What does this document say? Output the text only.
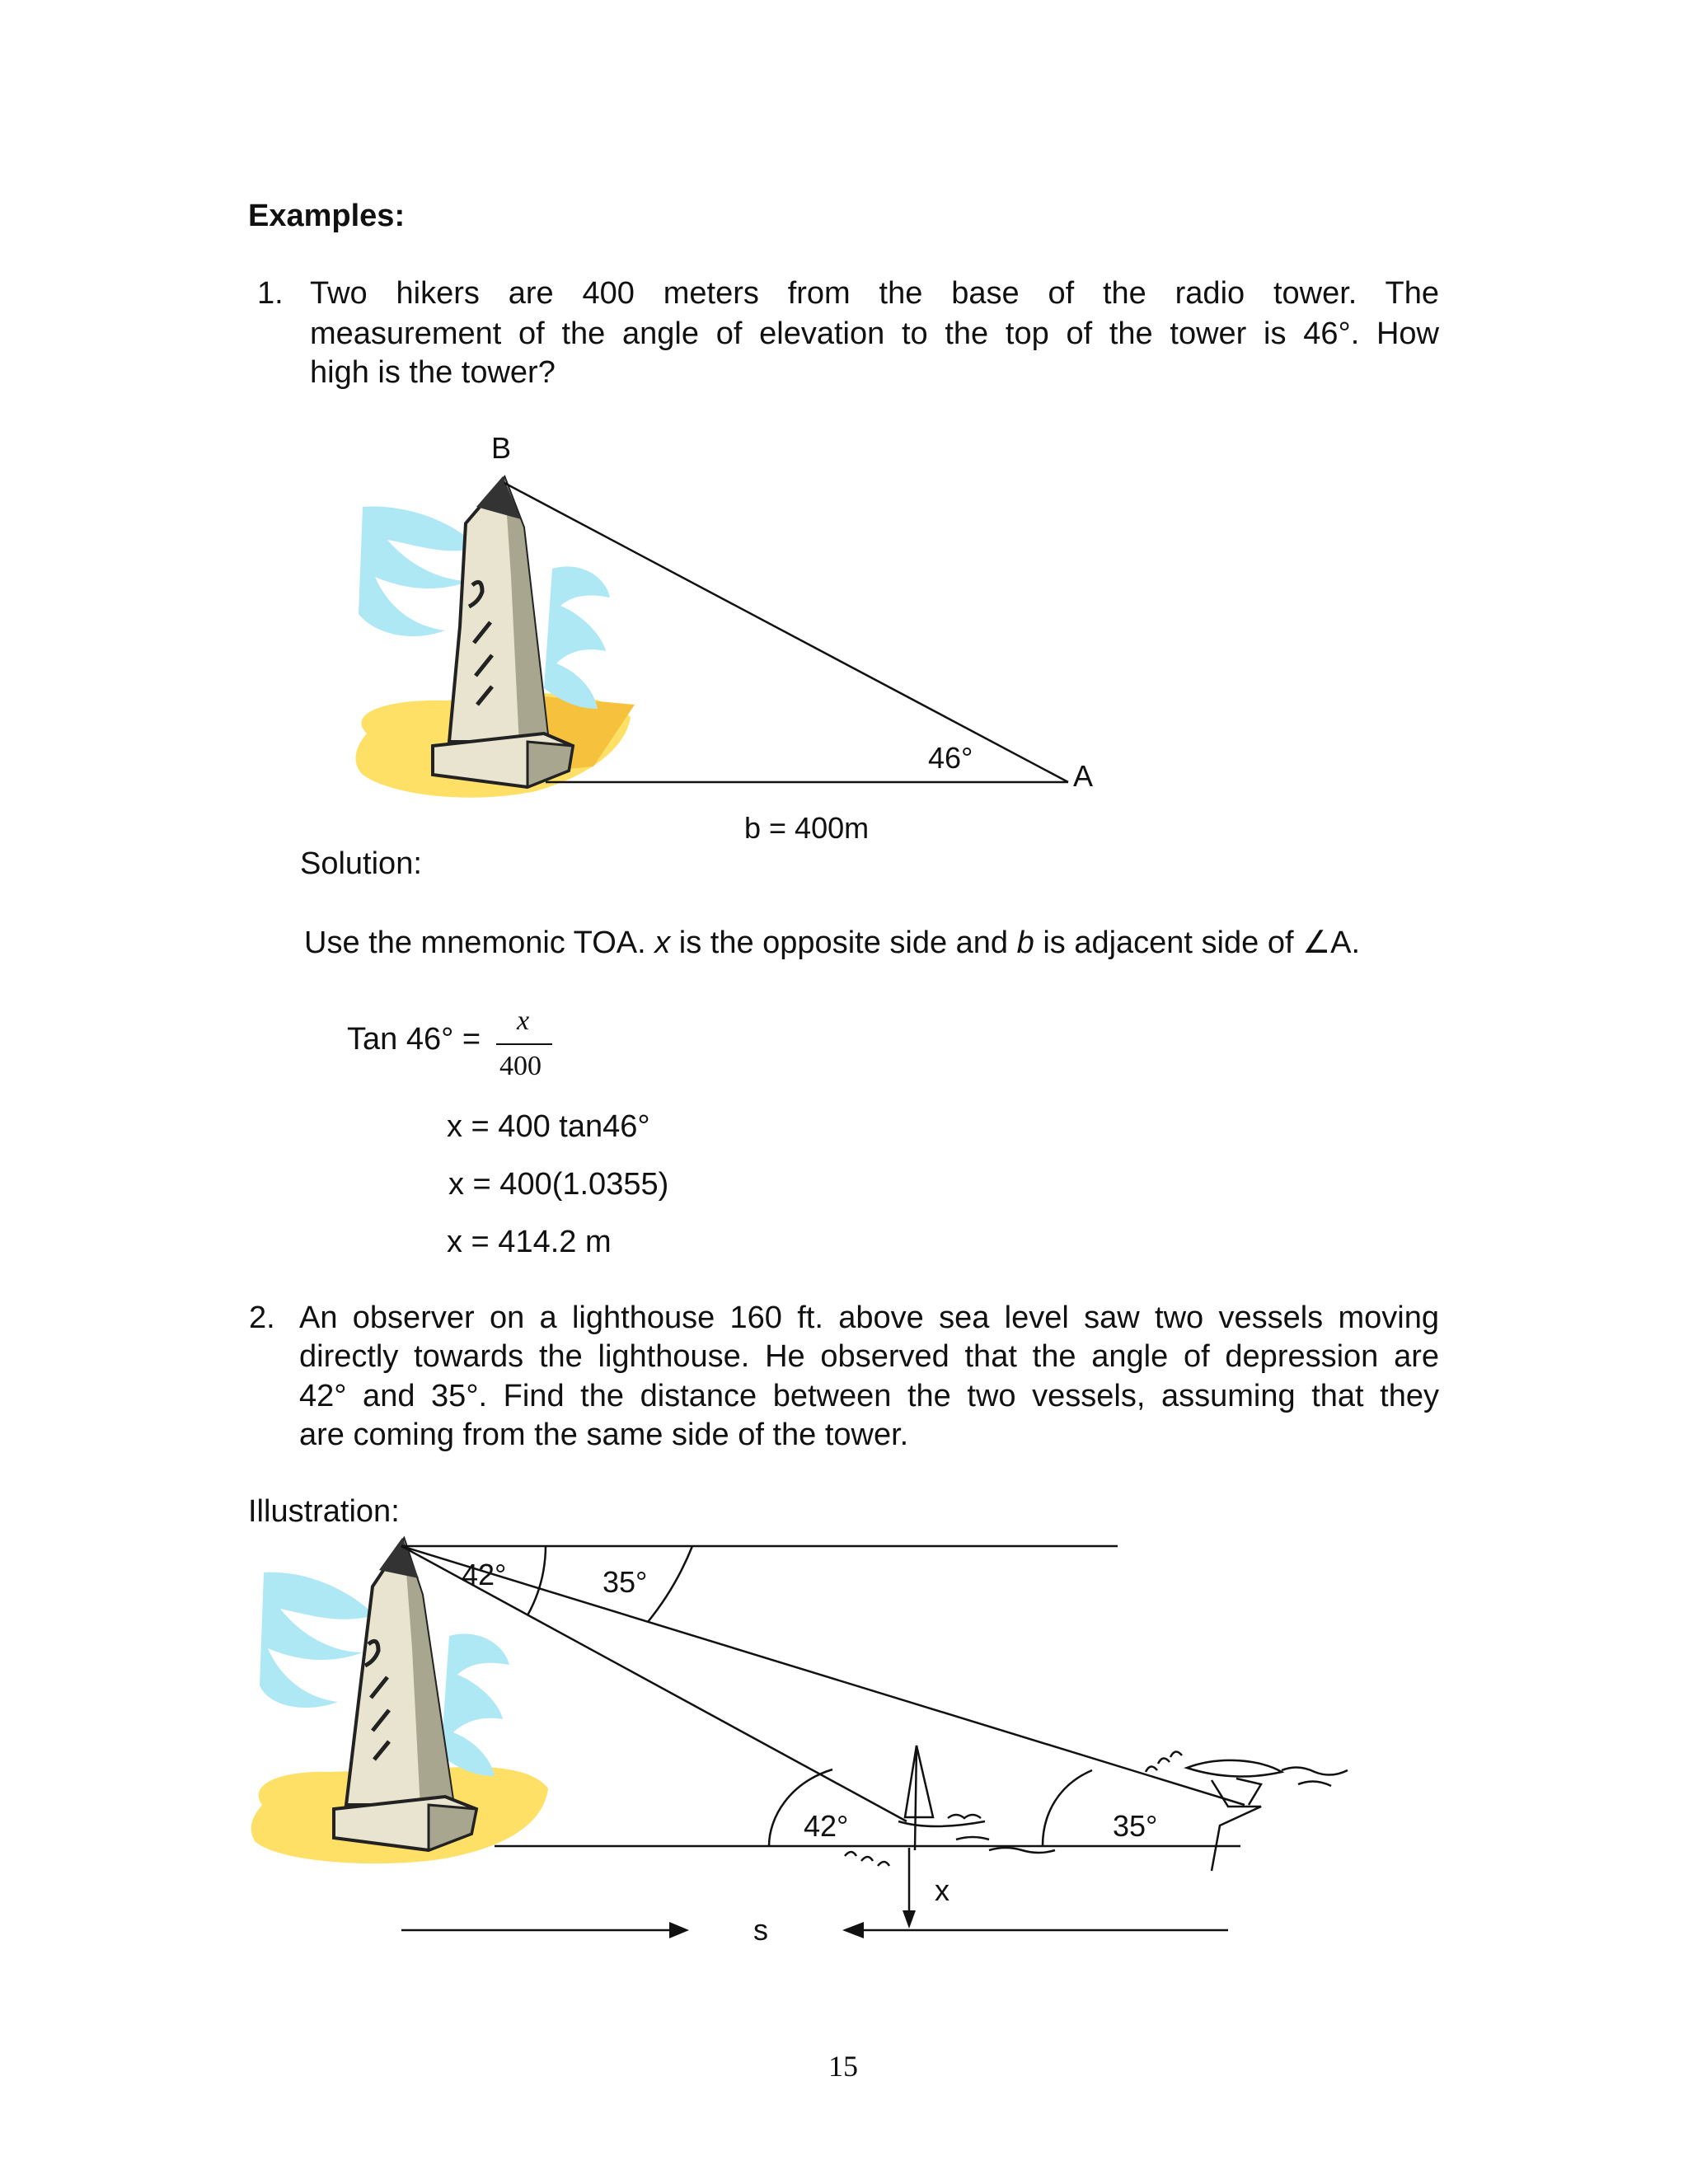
Examples:
1. Two hikers are 400 meters from the base of the radio tower. The
measurement of the angle of elevation to the top of the tower is 46°. How
high is the tower?
B
A
46°
b = 400m
Solution:
Use the mnemonic TOA. x is the opposite side and b is adjacent side of ∠A.
Tan 46° =
x
400
x = 400 tan46°
x = 400(1.0355)
x = 414.2 m
2. An observer on a lighthouse 160 ft. above sea level saw two vessels moving
directly towards the lighthouse. He observed that the angle of depression are
42° and 35°. Find the distance between the two vessels, assuming that they
are coming from the same side of the tower.
Illustration:
42°	35°
42°	35°
x
s
15
